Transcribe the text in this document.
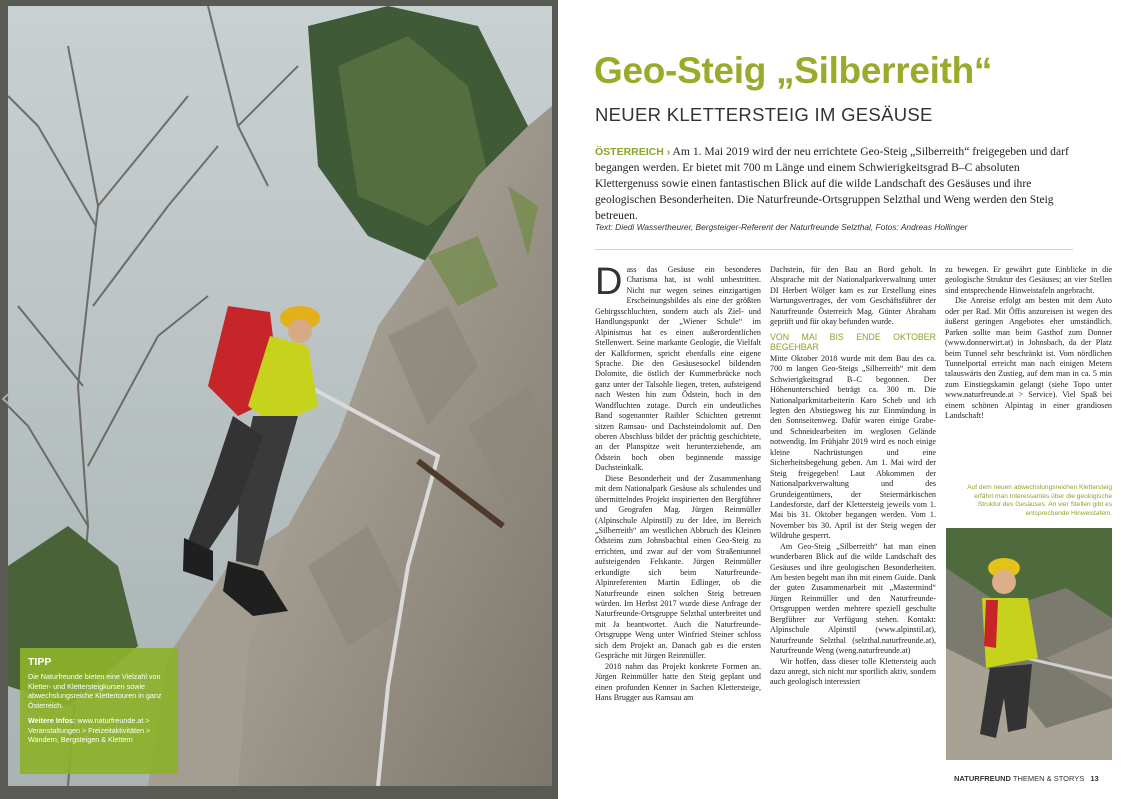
TIPP

Die Naturfreunde bieten eine Vielzahl von Kletter- und Klettersteigkursen sowie abwechslungsreiche Klettertouren in ganz Österreich.

Weitere Infos: www.naturfreunde.at > Veranstaltungen > Freizeitaktivitäten > Wandern, Bergsteigen & Klettern
‹
Geo-Steig „Silberreith“
NEUER KLETTERSTEIG IM GESÄUSE
ÖSTERREICH › Am 1. Mai 2019 wird der neu errichtete Geo-Steig „Silberreith“ freigegeben und darf begangen werden. Er bietet mit 700 m Länge und einem Schwierigkeitsgrad B–C absoluten Klettergenuss sowie einen fantastischen Blick auf die wilde Landschaft des Gesäuses und ihre geologischen Besonderheiten. Die Naturfreunde-Ortsgruppen Selzthal und Weng werden den Steig betreuen.
Text: Diedi Wassertheurer, Bergsteiger-Referent der Naturfreunde Selzthal, Fotos: Andreas Hollinger

Dass das Gesäuse ein besonderes Charisma hat, ist wohl unbestritten. Nicht nur wegen seines einzigartigen Erscheinungsbildes als eine der größten Gebirgsschluchten, sondern auch als Ziel- und Handlungspunkt der „Wiener Schule“ im Alpinismus hat es einen außerordentlichen Stellenwert. Seine markante Geologie, die Vielfalt der Kalkformen, spricht ebenfalls eine eigene Sprache. Die den Gesäusesockel bildenden Dolomite, die östlich der Kummerbrücke noch ganz unter der Talsohle liegen, treten, aufsteigend nach Westen hin zum Ödstein, hoch in den Wandfluchten zutage. Durch ein undeutliches Band sogenannter Raibler Schichten getrennt sitzen Ramsau- und Dachsteindolomit auf. Den oberen Abschluss bildet der prächtig geschichtete, an der Planspitze weit herunterziehende, am Ödstein hoch oben beginnende massige Dachsteinkalk.

Diese Besonderheit und der Zusammenhang mit dem Nationalpark Gesäuse als schulendes und übermittelndes Projekt inspirierten den Bergführer und Geografen Mag. Jürgen Reinmüller (Alpinschule Alpinstil) zu der Idee, im Bereich „Silberreith“ am westlichen Abbruch des Kleinen Ödsteins zum Johnsbachtal einen Geo-Steig zu errichten, und zwar auf der vom Straßentunnel aufsteigenden Felskante. Jürgen Reinmüller erkundigte sich beim Naturfreunde-Alpinreferenten Martin Edlinger, ob die Naturfreunde einen solchen Steig betreuen würden. Im Herbst 2017 wurde diese Anfrage der Naturfreunde-Ortsgruppe Selzthal unterbreitet und mit Ja beantwortet. Auch die Naturfreunde-Ortsgruppe Weng unter Winfried Steiner schloss sich dem Projekt an. Danach gab es die ersten Gespräche mit Jürgen Reinmüller.

2018 nahm das Projekt konkrete Formen an. Jürgen Reinmüller hatte den Steig geplant und einen profunden Kenner in Sachen Klettersteige, Hans Brugger aus Ramsau am

Dachstein, für den Bau an Bord geholt. In Absprache mit der Nationalparkverwaltung unter DI Herbert Wölger kam es zur Erstellung eines Wartungsvertrages, der vom Geschäftsführer der Naturfreunde Österreich Mag. Günter Abraham geprüft und für okay befunden wurde.

VON MAI BIS ENDE OKTOBER BEGEHBAR

Mitte Oktober 2018 wurde mit dem Bau des ca. 700 m langen Geo-Steigs „Silberreith“ mit dem Schwierigkeitsgrad B–C begonnen. Der Höhenunterschied beträgt ca. 300 m. Die Nationalparkmitarbeiterin Karo Scheb und ich legten den Abstiegsweg bis zur Einmündung in den Sonnseitenweg. Dafür waren einige Grabe- und Schneidearbeiten im weglosen Gelände notwendig. Im Frühjahr 2019 wird es noch einige kleine Nachrüstungen und eine Sicherheitsbegehung geben. Am 1. Mai wird der Steig freigegeben! Laut Abkommen der Nationalparkverwaltung und des Grundeigentümers, der Steiermärkischen Landesforste, darf der Klettersteig jeweils vom 1. Mai bis 31. Oktober begangen werden. Vom 1. November bis 30. April ist der Steig wegen der Wildruhe gesperrt.

Am Geo-Steig „Silberreith“ hat man einen wunderbaren Blick auf die wilde Landschaft des Gesäuses und ihre geologischen Besonderheiten. Am besten begeht man ihn mit einem Guide. Dank der guten Zusammenarbeit mit „Mastermind“ Jürgen Reinmüller und den Naturfreunde-Ortsgruppen werden mehrere speziell geschulte Bergführer zur Verfügung stehen. Kontakt: Alpinschule Alpinstil (www.alpinstil.at), Naturfreunde Selzthal (selzthal.naturfreunde.at), Naturfreunde Weng (weng.naturfreunde.at)

Wir hoffen, dass dieser tolle Klettersteig auch dazu anregt, sich nicht nur sportlich aktiv, sondern auch geologisch interessiert

zu bewegen. Er gewährt gute Einblicke in die geologische Struktur des Gesäuses; an vier Stellen sind entsprechende Hinweistafeln angebracht.

Die Anreise erfolgt am besten mit dem Auto oder per Rad. Mit Öffis anzureisen ist wegen des äußerst geringen Angebotes eher umständlich. Parken sollte man beim Gasthof zum Donner (www.donnerwirt.at) in Johnsbach, da der Platz beim Tunnel sehr beschränkt ist. Vom nördlichen Tunnelportal erreicht man nach einigen Metern talauswärts den Zustieg, auf dem man in ca. 5 min zum Einstiegskamin gelangt (siehe Topo unter www.naturfreunde.at > Service). Viel Spaß bei einem schönen Alpintag in einer grandiosen Landschaft!

Auf dem neuen abwechslungsreichen Klettersteig erfährt man Interessantes über die geologische Struktur des Gesäuses. An vier Stellen gibt es entsprechende Hinweistafeln.
NATURFREUND THEMEN & STORYS 13
